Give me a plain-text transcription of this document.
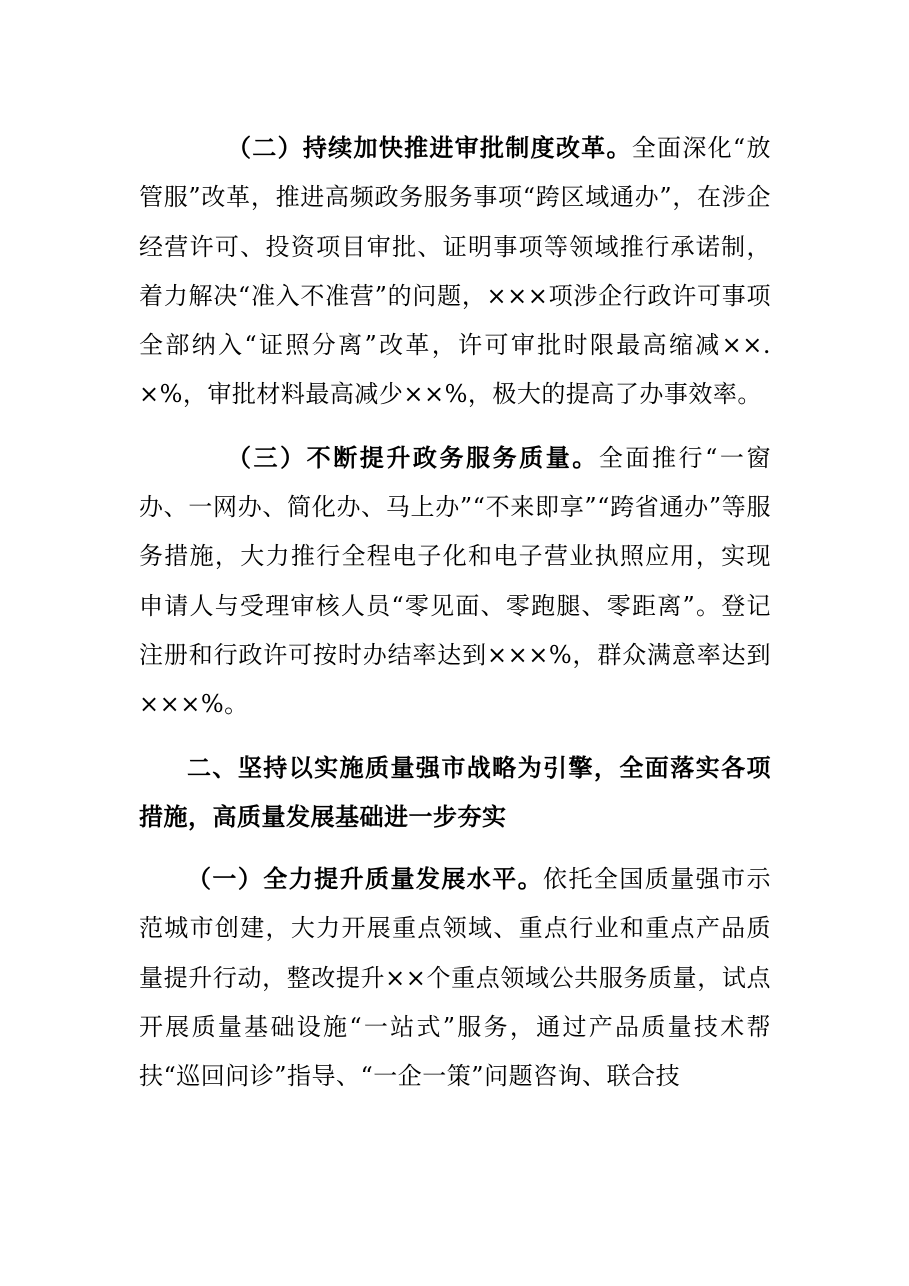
（二）持续加快推进审批制度改革。全面深化“放管服”改革，推进高频政务服务事项“跨区域通办”，在涉企经营许可、投资项目审批、证明事项等领域推行承诺制，着力解决“准入不准营”的问题，×××项涉企行政许可事项全部纳入“证照分离”改革，许可审批时限最高缩减××.×%，审批材料最高减少××%，极大的提高了办事效率。

（三）不断提升政务服务质量。全面推行“一窗办、一网办、简化办、马上办”“不来即享”“跨省通办”等服务措施，大力推行全程电子化和电子营业执照应用，实现申请人与受理审核人员“零见面、零跑腿、零距离”。登记注册和行政许可按时办结率达到×××%，群众满意率达到×××%。

二、坚持以实施质量强市战略为引擎，全面落实各项措施，高质量发展基础进一步夯实

（一）全力提升质量发展水平。依托全国质量强市示范城市创建，大力开展重点领域、重点行业和重点产品质量提升行动，整改提升××个重点领域公共服务质量，试点开展质量基础设施“一站式”服务，通过产品质量技术帮扶“巡回问诊”指导、“一企一策”问题咨询、联合技
